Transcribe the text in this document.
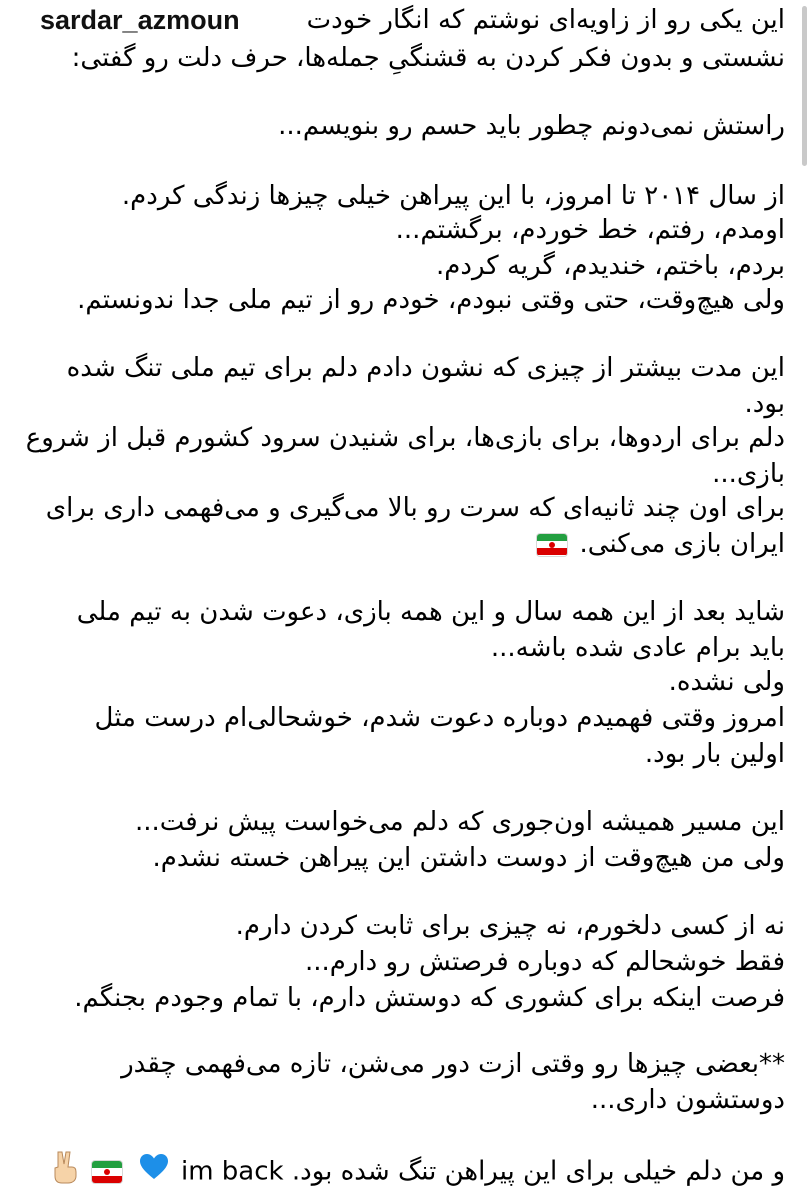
این یکی رو از زاویه‌ای نوشتم که انگار خودت
sardar_azmoun
نشستی و بدون فکر کردن به قشنگیِ جمله‌ها، حرف دلت رو گفتی:
راستش نمی‌دونم چطور باید حسم رو بنویسم...
از سال ۲۰۱۴ تا امروز، با این پیراهن خیلی چیزها زندگی کردم.
اومدم، رفتم، خط خوردم، برگشتم...
بردم، باختم، خندیدم، گریه کردم.
ولی هیچ‌وقت، حتی وقتی نبودم، خودم رو از تیم ملی جدا ندونستم.
این مدت بیشتر از چیزی که نشون دادم دلم برای تیم ملی تنگ شده
بود.
دلم برای اردوها، برای بازی‌ها، برای شنیدن سرود کشورم قبل از شروع
بازی...
برای اون چند ثانیه‌ای که سرت رو بالا می‌گیری و می‌فهمی داری برای
ایران بازی می‌کنی.
شاید بعد از این همه سال و این همه بازی، دعوت شدن به تیم ملی
باید برام عادی شده باشه...
ولی نشده.
امروز وقتی فهمیدم دوباره دعوت شدم، خوشحالی‌ام درست مثل
اولین بار بود.
این مسیر همیشه اون‌جوری که دلم می‌خواست پیش نرفت...
ولی من هیچ‌وقت از دوست داشتن این پیراهن خسته نشدم.
نه از کسی دلخورم، نه چیزی برای ثابت کردن دارم.
فقط خوشحالم که دوباره فرصتش رو دارم...
فرصت اینکه برای کشوری که دوستش دارم، با تمام وجودم بجنگم.
**بعضی چیزها رو وقتی ازت دور می‌شن، تازه می‌فهمی چقدر
دوستشون داری...
و من دلم خیلی برای این پیراهن تنگ شده بود. im back
